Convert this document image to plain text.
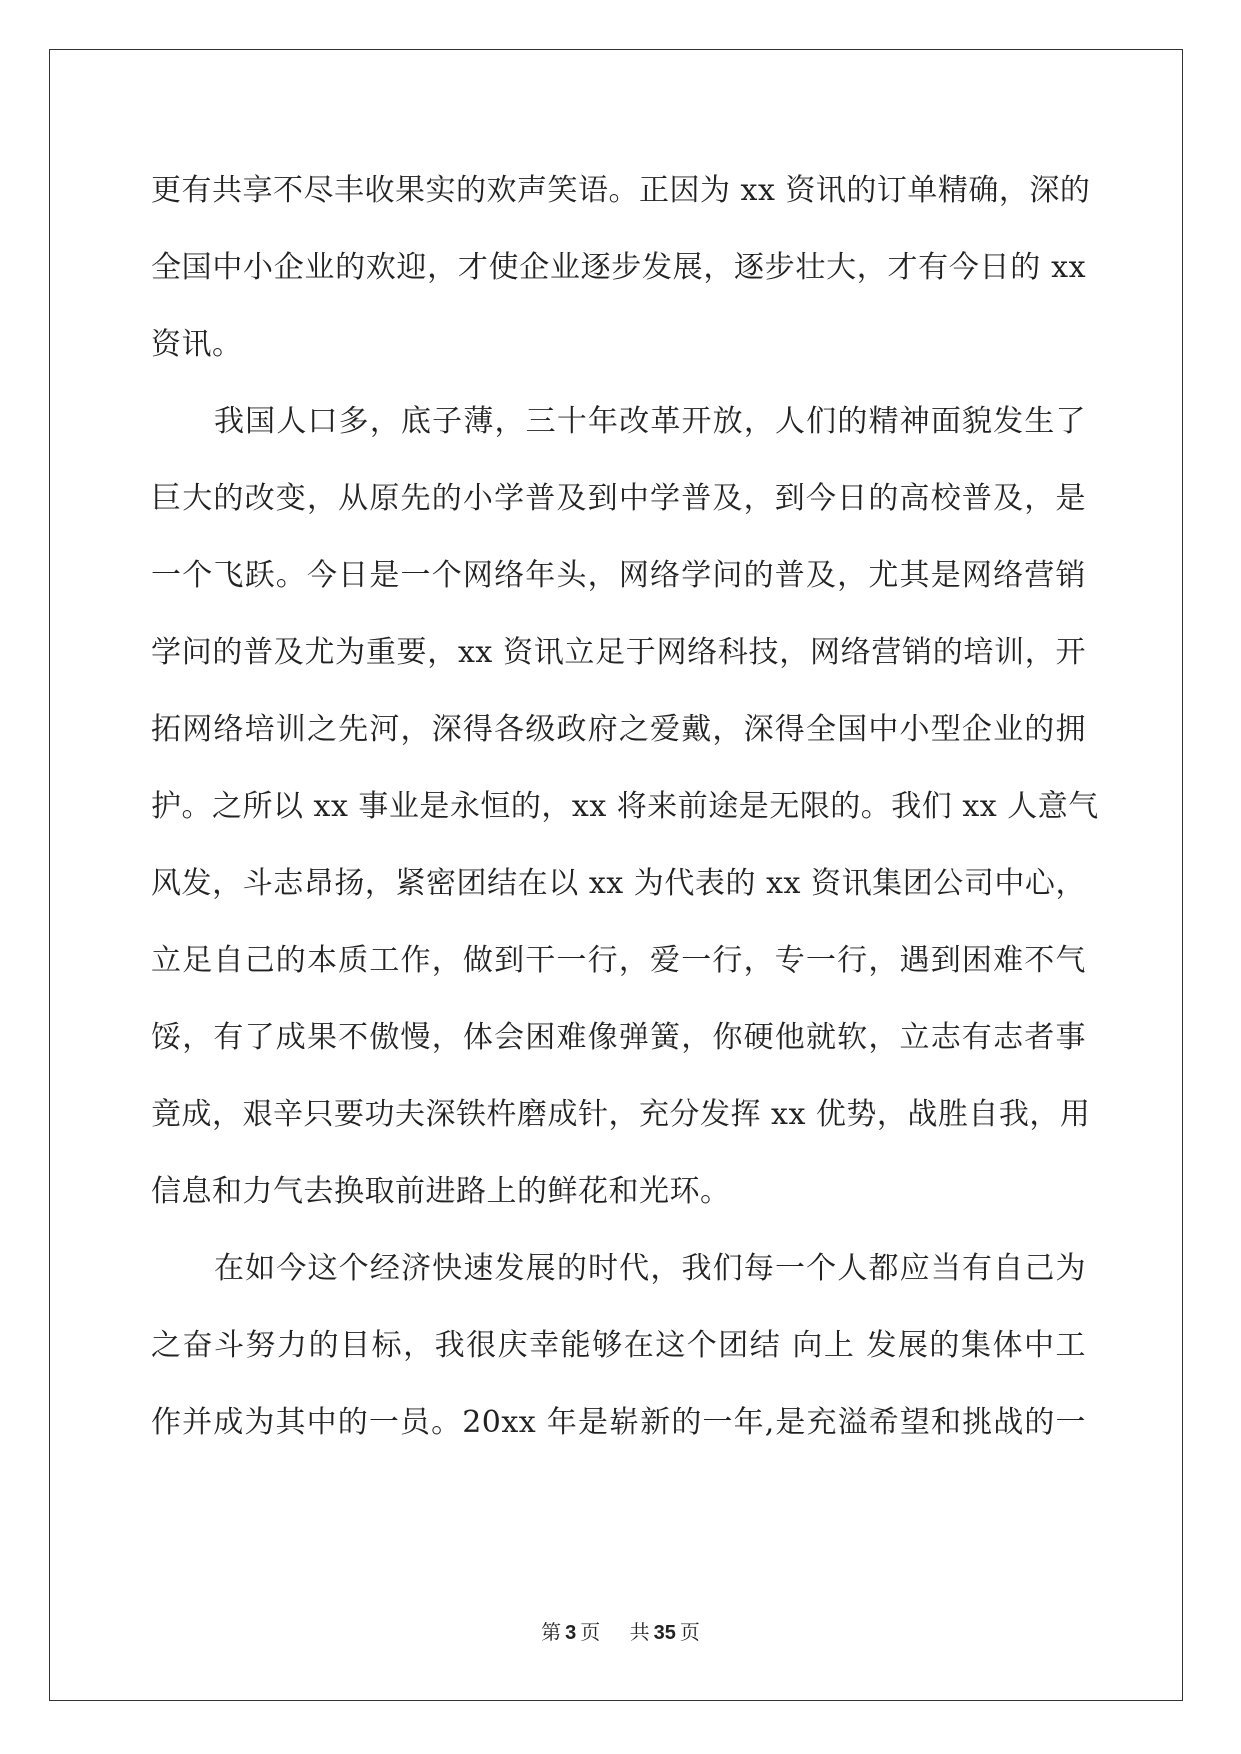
更有共享不尽丰收果实的欢声笑语。正因为 xx 资讯的订单精确，深的
全国中小企业的欢迎，才使企业逐步发展，逐步壮大，才有今日的 xx
资讯。
我国人口多，底子薄，三十年改革开放，人们的精神面貌发生了
巨大的改变，从原先的小学普及到中学普及，到今日的高校普及，是
一个飞跃。今日是一个网络年头，网络学问的普及，尤其是网络营销
学问的普及尤为重要，xx 资讯立足于网络科技，网络营销的培训，开
拓网络培训之先河，深得各级政府之爱戴，深得全国中小型企业的拥
护。之所以 xx 事业是永恒的，xx 将来前途是无限的。我们 xx 人意气
风发，斗志昂扬，紧密团结在以 xx 为代表的 xx 资讯集团公司中心，
立足自己的本质工作，做到干一行，爱一行，专一行，遇到困难不气
馁，有了成果不傲慢，体会困难像弹簧，你硬他就软，立志有志者事
竟成，艰辛只要功夫深铁杵磨成针，充分发挥 xx 优势，战胜自我，用
信息和力气去换取前进路上的鲜花和光环。
在如今这个经济快速发展的时代，我们每一个人都应当有自己为
之奋斗努力的目标，我很庆幸能够在这个团结 向上 发展的集体中工
作并成为其中的一员。20xx 年是崭新的一年,是充溢希望和挑战的一
第 3 页 共 35 页
